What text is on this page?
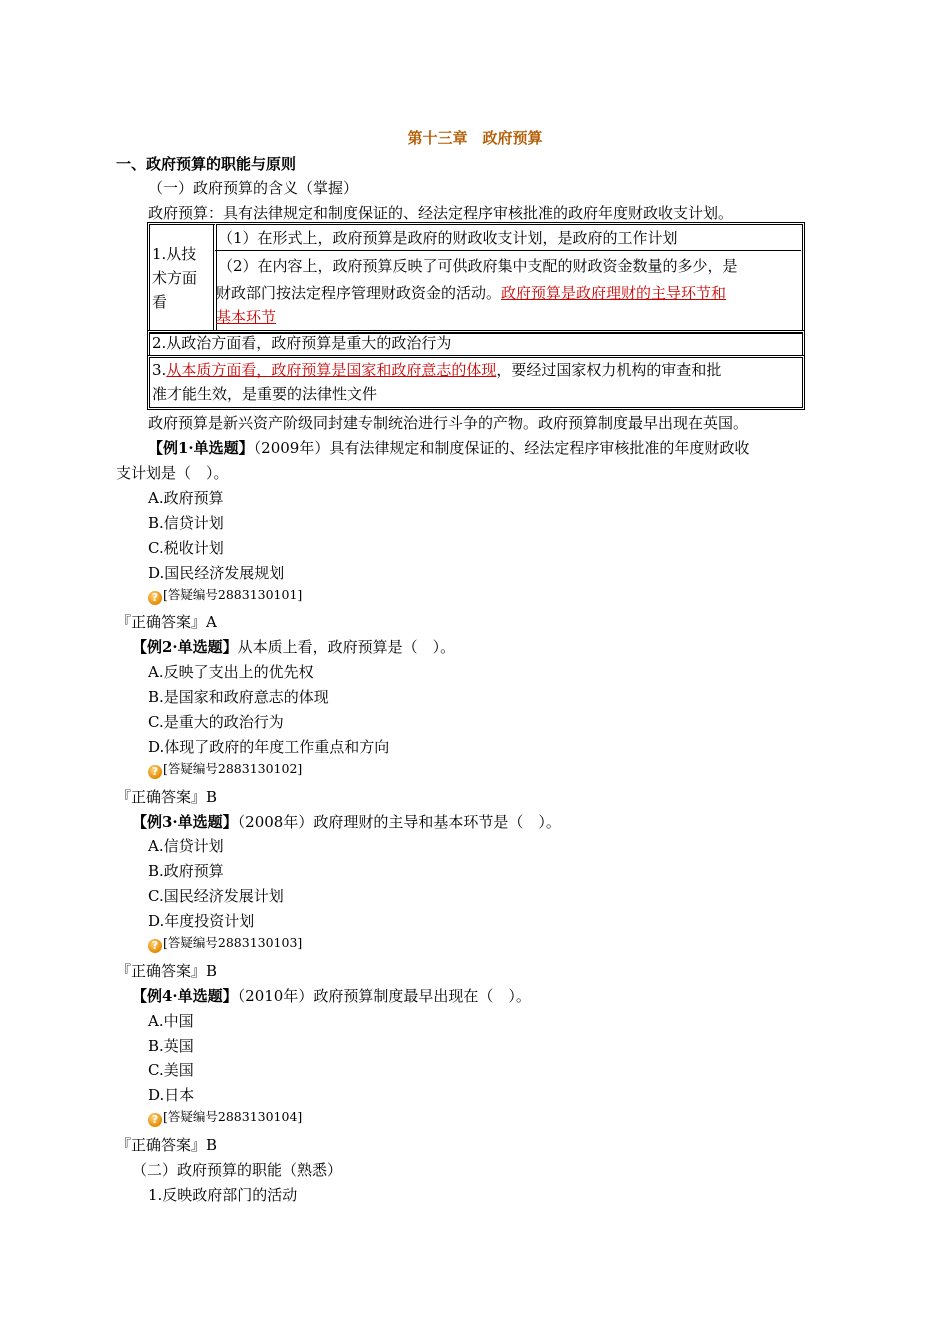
第十三章　政府预算
一、政府预算的职能与原则
（一）政府预算的含义（掌握）
政府预算：具有法律规定和制度保证的、经法定程序审核批准的政府年度财政收支计划。
1.从技
术方面
看
（1）在形式上，政府预算是政府的财政收支计划，是政府的工作计划
（2）在内容上，政府预算反映了可供政府集中支配的财政资金数量的多少，是
财政部门按法定程序管理财政资金的活动。政府预算是政府理财的主导环节和
基本环节
2.从政治方面看，政府预算是重大的政治行为
3.从本质方面看，政府预算是国家和政府意志的体现，要经过国家权力机构的审查和批
准才能生效，是重要的法律性文件
政府预算是新兴资产阶级同封建专制统治进行斗争的产物。政府预算制度最早出现在英国。
【例1·单选题】（2009年）具有法律规定和制度保证的、经法定程序审核批准的年度财政收
支计划是（　）。
A.政府预算
B.信贷计划
C.税收计划
D.国民经济发展规划
? [答疑编号2883130101]
『正确答案』A
【例2·单选题】从本质上看，政府预算是（　）。
A.反映了支出上的优先权
B.是国家和政府意志的体现
C.是重大的政治行为
D.体现了政府的年度工作重点和方向
? [答疑编号2883130102]
『正确答案』B
【例3·单选题】（2008年）政府理财的主导和基本环节是（　）。
A.信贷计划
B.政府预算
C.国民经济发展计划
D.年度投资计划
? [答疑编号2883130103]
『正确答案』B
【例4·单选题】（2010年）政府预算制度最早出现在（　）。
A.中国
B.英国
C.美国
D.日本
? [答疑编号2883130104]
『正确答案』B
（二）政府预算的职能（熟悉）
1.反映政府部门的活动
